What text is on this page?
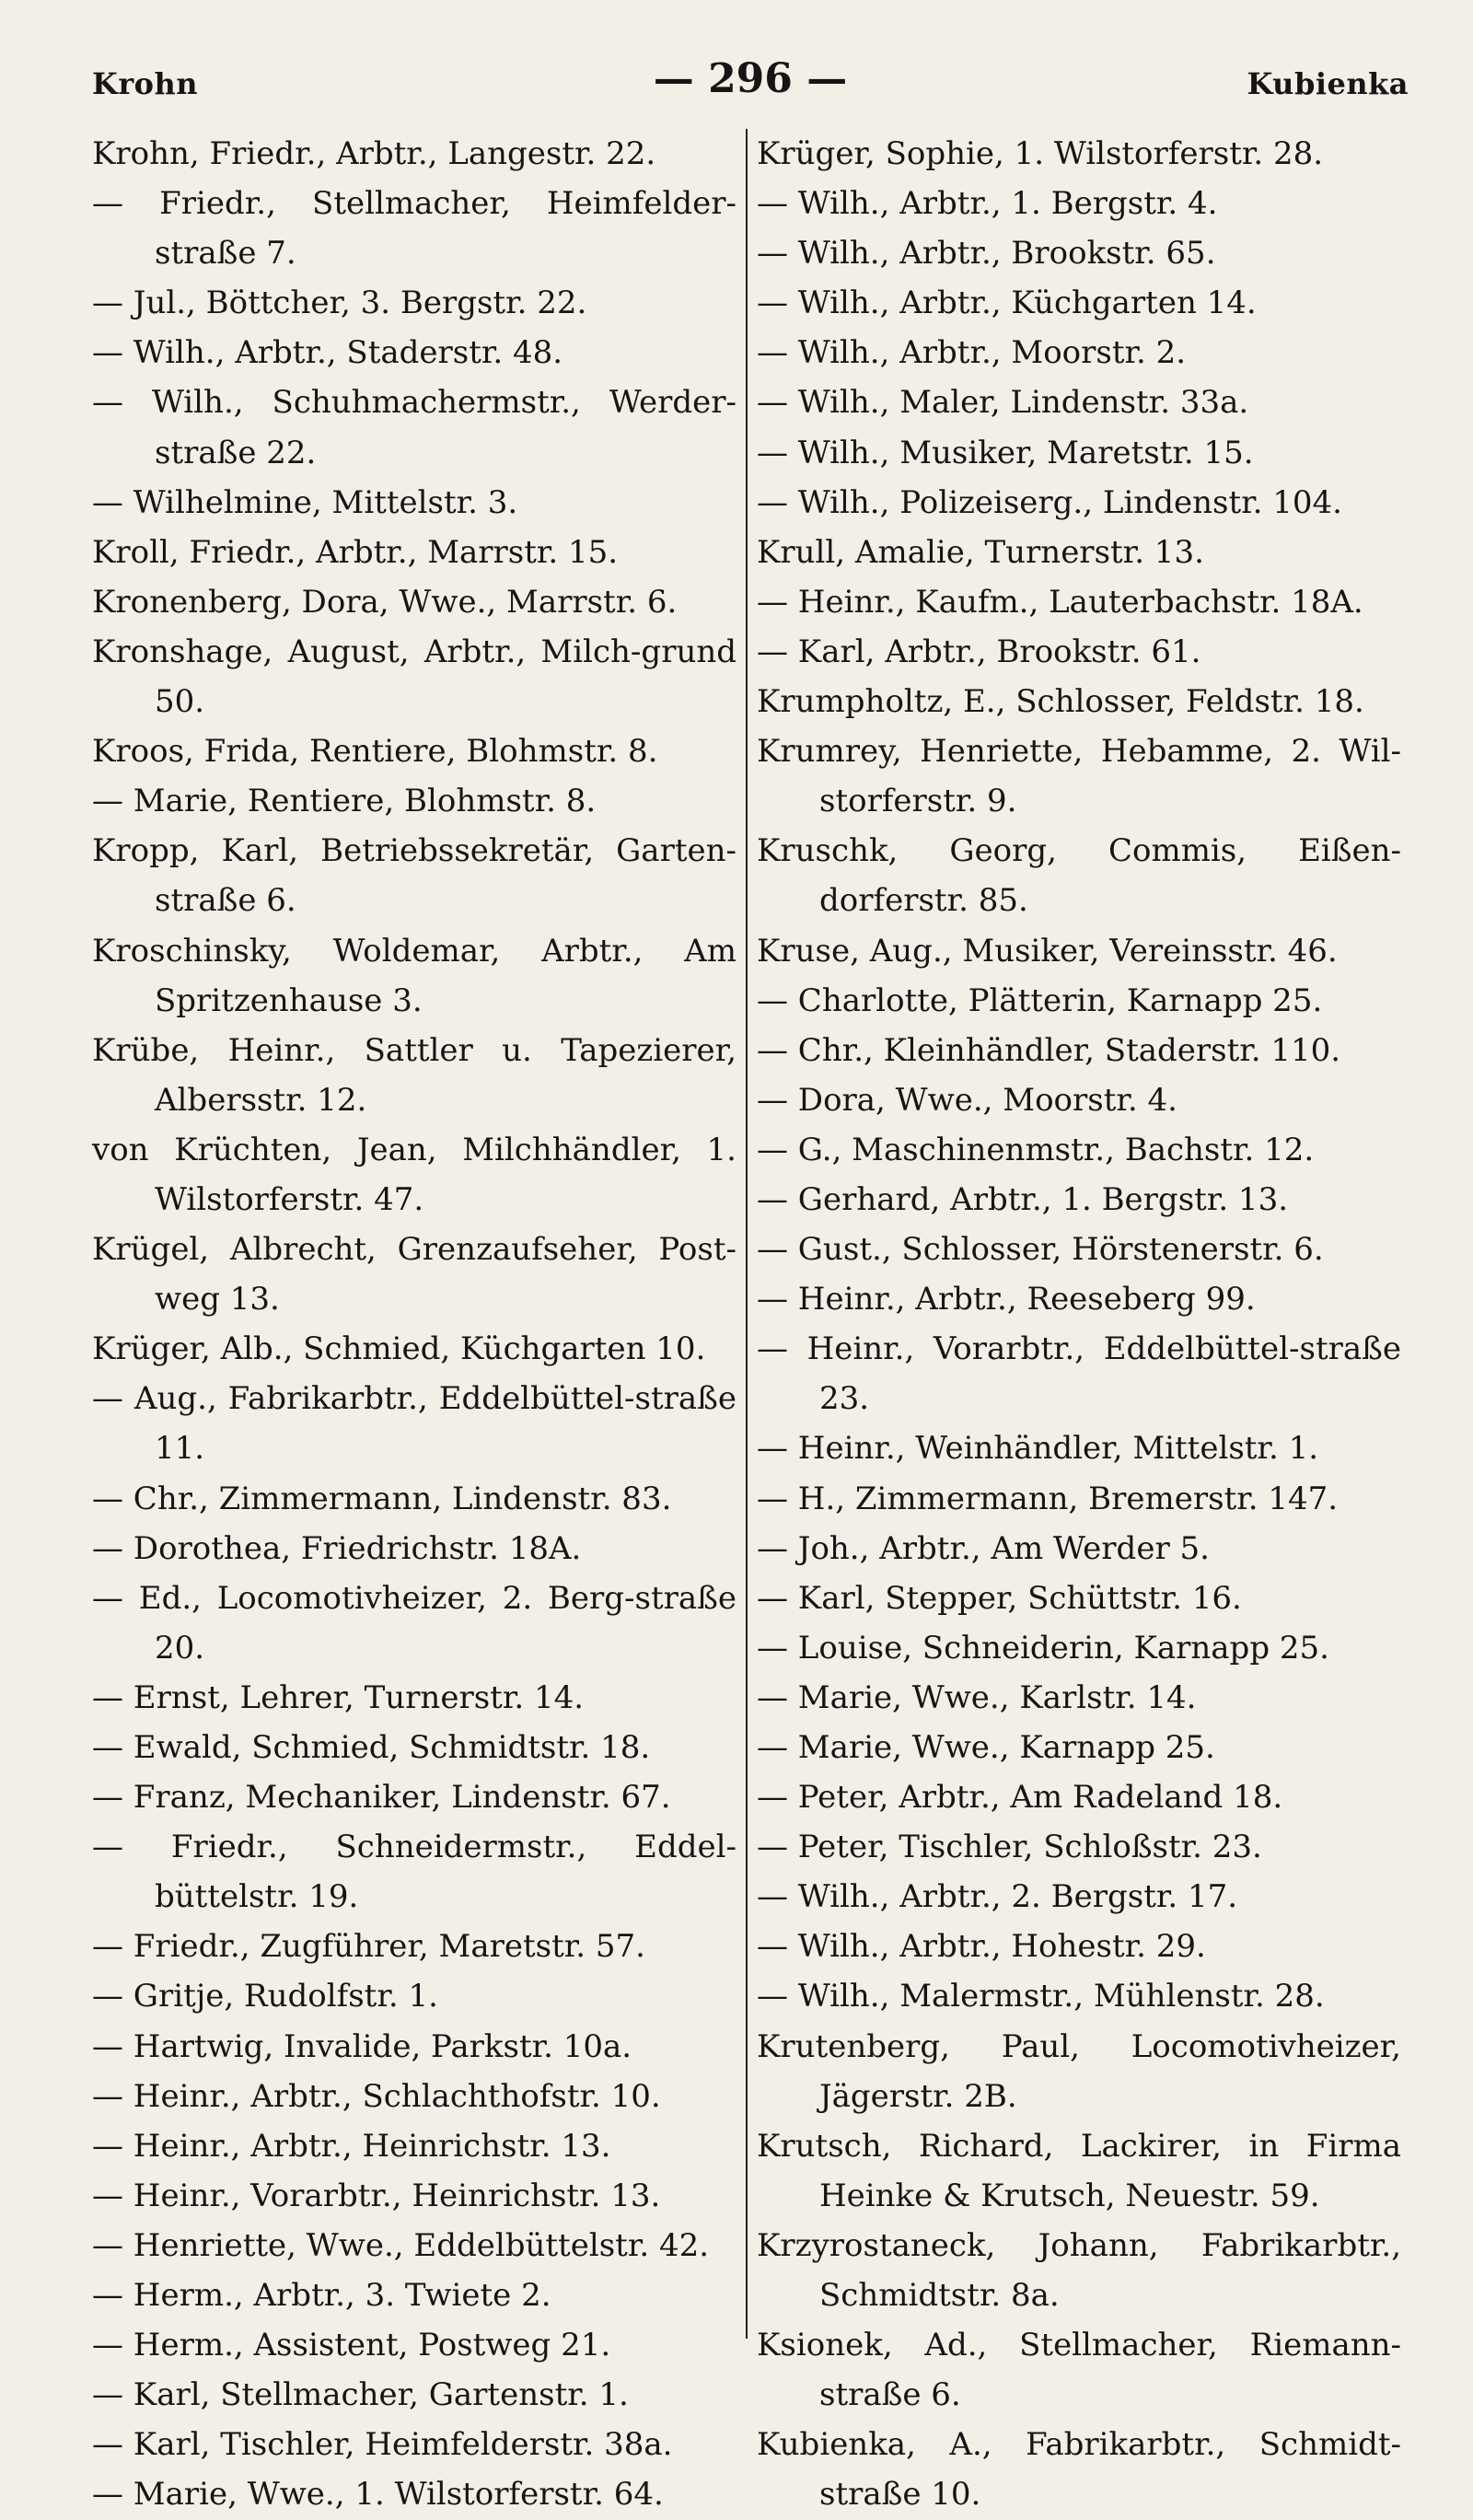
Krohn	— 296 —	Kubienka
Krohn, Friedr., Arbtr., Langestr. 22.
— Friedr., Stellmacher, Heimfelder-straße 7.
— Jul., Böttcher, 3. Bergstr. 22.
— Wilh., Arbtr., Staderstr. 48.
— Wilh., Schuhmachermstr., Werder-straße 22.
— Wilhelmine, Mittelstr. 3.
Kroll, Friedr., Arbtr., Marrstr. 15.
Kronenberg, Dora, Wwe., Marrstr. 6.
Kronshage, August, Arbtr., Milch-grund 50.
Kroos, Frida, Rentiere, Blohmstr. 8.
— Marie, Rentiere, Blohmstr. 8.
Kropp, Karl, Betriebssekretär, Garten-straße 6.
Kroschinsky, Woldemar, Arbtr., Am Spritzenhause 3.
Krübe, Heinr., Sattler u. Tapezierer, Albersstr. 12.
von Krüchten, Jean, Milchhändler, 1. Wilstorferstr. 47.
Krügel, Albrecht, Grenzaufseher, Post-weg 13.
Krüger, Alb., Schmied, Küchgarten 10.
— Aug., Fabrikarbtr., Eddelbüttel-straße 11.
— Chr., Zimmermann, Lindenstr. 83.
— Dorothea, Friedrichstr. 18A.
— Ed., Locomotivheizer, 2. Berg-straße 20.
— Ernst, Lehrer, Turnerstr. 14.
— Ewald, Schmied, Schmidtstr. 18.
— Franz, Mechaniker, Lindenstr. 67.
— Friedr., Schneidermstr., Eddel-büttelstr. 19.
— Friedr., Zugführer, Maretstr. 57.
— Gritje, Rudolfstr. 1.
— Hartwig, Invalide, Parkstr. 10a.
— Heinr., Arbtr., Schlachthofstr. 10.
— Heinr., Arbtr., Heinrichstr. 13.
— Heinr., Vorarbtr., Heinrichstr. 13.
— Henriette, Wwe., Eddelbüttelstr. 42.
— Herm., Arbtr., 3. Twiete 2.
— Herm., Assistent, Postweg 21.
— Karl, Stellmacher, Gartenstr. 1.
— Karl, Tischler, Heimfelderstr. 38a.
— Marie, Wwe., 1. Wilstorferstr. 64.
Krüger, Sophie, 1. Wilstorferstr. 28.
— Wilh., Arbtr., 1. Bergstr. 4.
— Wilh., Arbtr., Brookstr. 65.
— Wilh., Arbtr., Küchgarten 14.
— Wilh., Arbtr., Moorstr. 2.
— Wilh., Maler, Lindenstr. 33a.
— Wilh., Musiker, Maretstr. 15.
— Wilh., Polizeiserg., Lindenstr. 104.
Krull, Amalie, Turnerstr. 13.
— Heinr., Kaufm., Lauterbachstr. 18A.
— Karl, Arbtr., Brookstr. 61.
Krumpholtz, E., Schlosser, Feldstr. 18.
Krumrey, Henriette, Hebamme, 2. Wil-storferstr. 9.
Kruschk, Georg, Commis, Eißen-dorferstr. 85.
Kruse, Aug., Musiker, Vereinsstr. 46.
— Charlotte, Plätterin, Karnapp 25.
— Chr., Kleinhändler, Staderstr. 110.
— Dora, Wwe., Moorstr. 4.
— G., Maschinenmstr., Bachstr. 12.
— Gerhard, Arbtr., 1. Bergstr. 13.
— Gust., Schlosser, Hörstenerstr. 6.
— Heinr., Arbtr., Reeseberg 99.
— Heinr., Vorarbtr., Eddelbüttel-straße 23.
— Heinr., Weinhändler, Mittelstr. 1.
— H., Zimmermann, Bremerstr. 147.
— Joh., Arbtr., Am Werder 5.
— Karl, Stepper, Schüttstr. 16.
— Louise, Schneiderin, Karnapp 25.
— Marie, Wwe., Karlstr. 14.
— Marie, Wwe., Karnapp 25.
— Peter, Arbtr., Am Radeland 18.
— Peter, Tischler, Schloßstr. 23.
— Wilh., Arbtr., 2. Bergstr. 17.
— Wilh., Arbtr., Hohestr. 29.
— Wilh., Malermstr., Mühlenstr. 28.
Krutenberg, Paul, Locomotivheizer, Jägerstr. 2B.
Krutsch, Richard, Lackirer, in Firma Heinke & Krutsch, Neuestr. 59.
Krzyrostaneck, Johann, Fabrikarbtr., Schmidtstr. 8a.
Ksionek, Ad., Stellmacher, Riemann-straße 6.
Kubienka, A., Fabrikarbtr., Schmidt-straße 10.
